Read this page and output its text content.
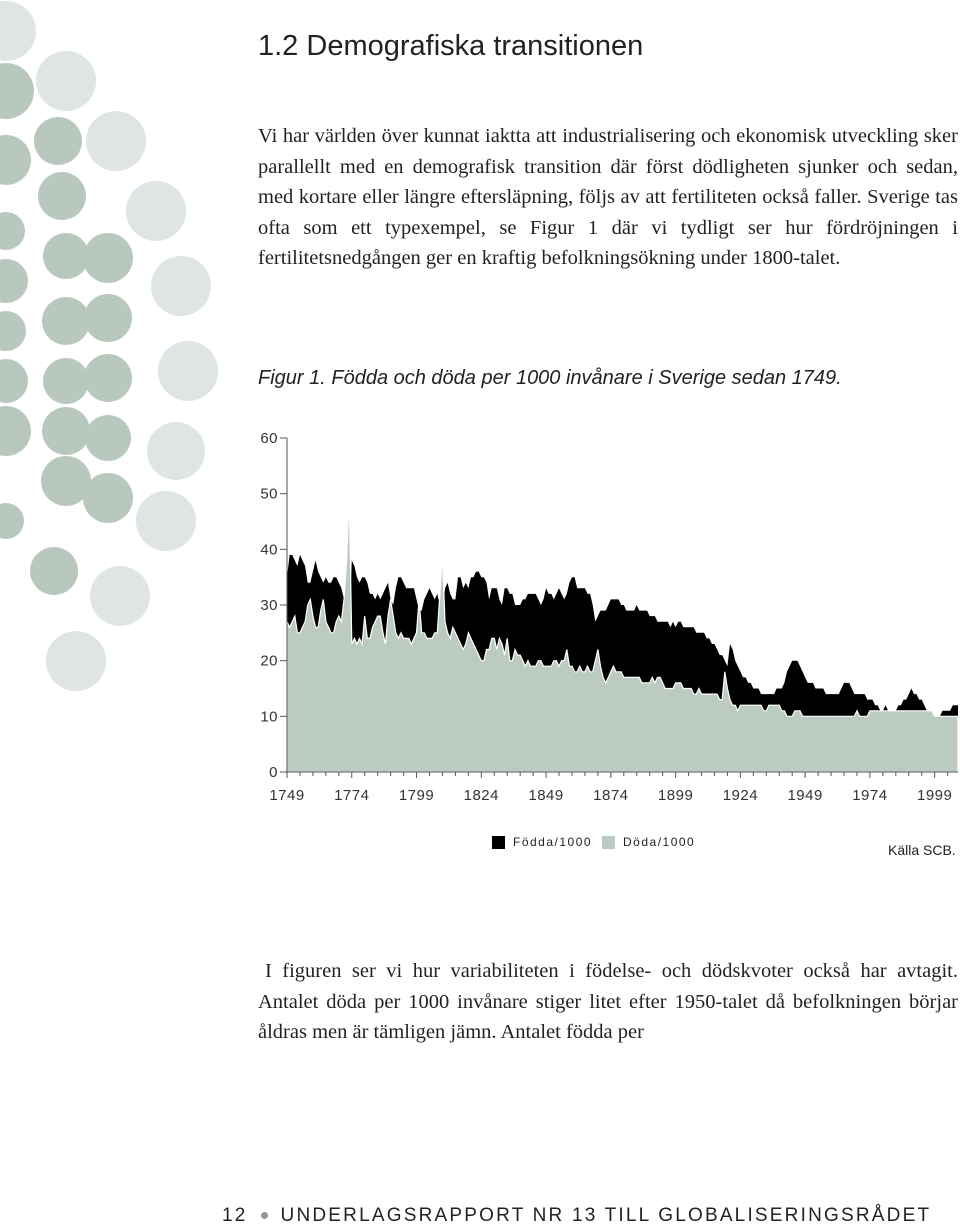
1.2 Demografiska transitionen

Vi har världen över kunnat iaktta att industrialisering och ekonomisk utveckling sker parallellt med en demografisk transition där först dödligheten sjunker och sedan, med kortare eller längre eftersläpning, följs av att fertiliteten också faller. Sverige tas ofta som ett typexempel, se Figur 1 där vi tydligt ser hur fördröjningen i fertilitetsnedgången ger en kraftig befolkningsökning under 1800-talet.

Figur 1. Födda och döda per 1000 invånare i Sverige sedan 1749.

0
10
20
30
40
50
60
1749 1774 1799 1824 1849 1874 1899 1924 1949 1974 1999
Födda/1000	Döda/1000	Källa SCB.

I figuren ser vi hur variabiliteten i födelse- och dödskvoter också har avtagit. Antalet döda per 1000 invånare stiger litet efter 1950-talet då befolkningen börjar åldras men är tämligen jämn. Antalet födda per

12 UNDERLAGSRAPPORT NR 13 TILL GLOBALISERINGSRÅDET
